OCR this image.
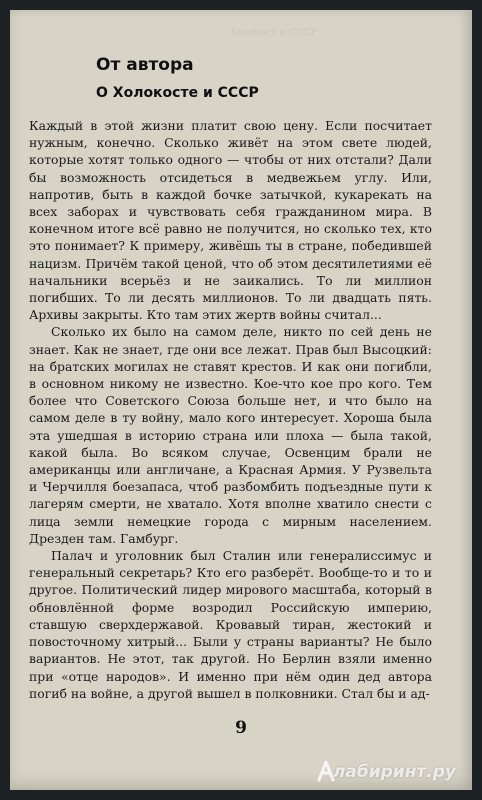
Холокост и СССР
От автора
О Холокосте и СССР

Каждый в этой жизни платит свою цену. Если посчитает нужным, конечно. Сколько живёт на этом свете людей, которые хотят только одного — чтобы от них отстали? Дали бы возможность отсидеться в медвежьем углу. Или, напротив, быть в каждой бочке затычкой, кукарекать на всех заборах и чувствовать себя гражданином мира. В конечном итоге всё равно не получится, но сколько тех, кто это понимает? К примеру, живёшь ты в стране, победившей нацизм. Причём такой ценой, что об этом десятилетиями её начальники всерьёз и не заикались. То ли миллион погибших. То ли десять миллионов. То ли двадцать пять. Архивы закрыты. Кто там этих жертв войны считал...

Сколько их было на самом деле, никто по сей день не знает. Как не знает, где они все лежат. Прав был Высоцкий: на братских могилах не ставят крестов. И как они погибли, в основном никому не известно. Кое-что кое про кого. Тем более что Советского Союза больше нет, и что было на самом деле в ту войну, мало кого интересует. Хороша была эта ушедшая в историю страна или плоха — была такой, какой была. Во всяком случае, Освенцим брали не американцы или англичане, а Красная Армия. У Рузвельта и Черчилля боезапаса, чтоб разбомбить подъездные пути к лагерям смерти, не хватало. Хотя вполне хватило снести с лица земли немецкие города с мирным населением. Дрезден там. Гамбург.

Палач и уголовник был Сталин или генералиссимус и генеральный секретарь? Кто его разберёт. Вообще-то и то и другое. Политический лидер мирового масштаба, который в обновлённой форме возродил Российскую империю, ставшую сверхдержавой. Кровавый тиран, жестокий и повосточному хитрый... Были у страны варианты? Не было вариантов. Не этот, так другой. Но Берлин взяли именно при «отце народов». И именно при нём один дед автора погиб на войне, а другой вышел в полковники. Стал бы и ад-

9
лабиринт.ру
